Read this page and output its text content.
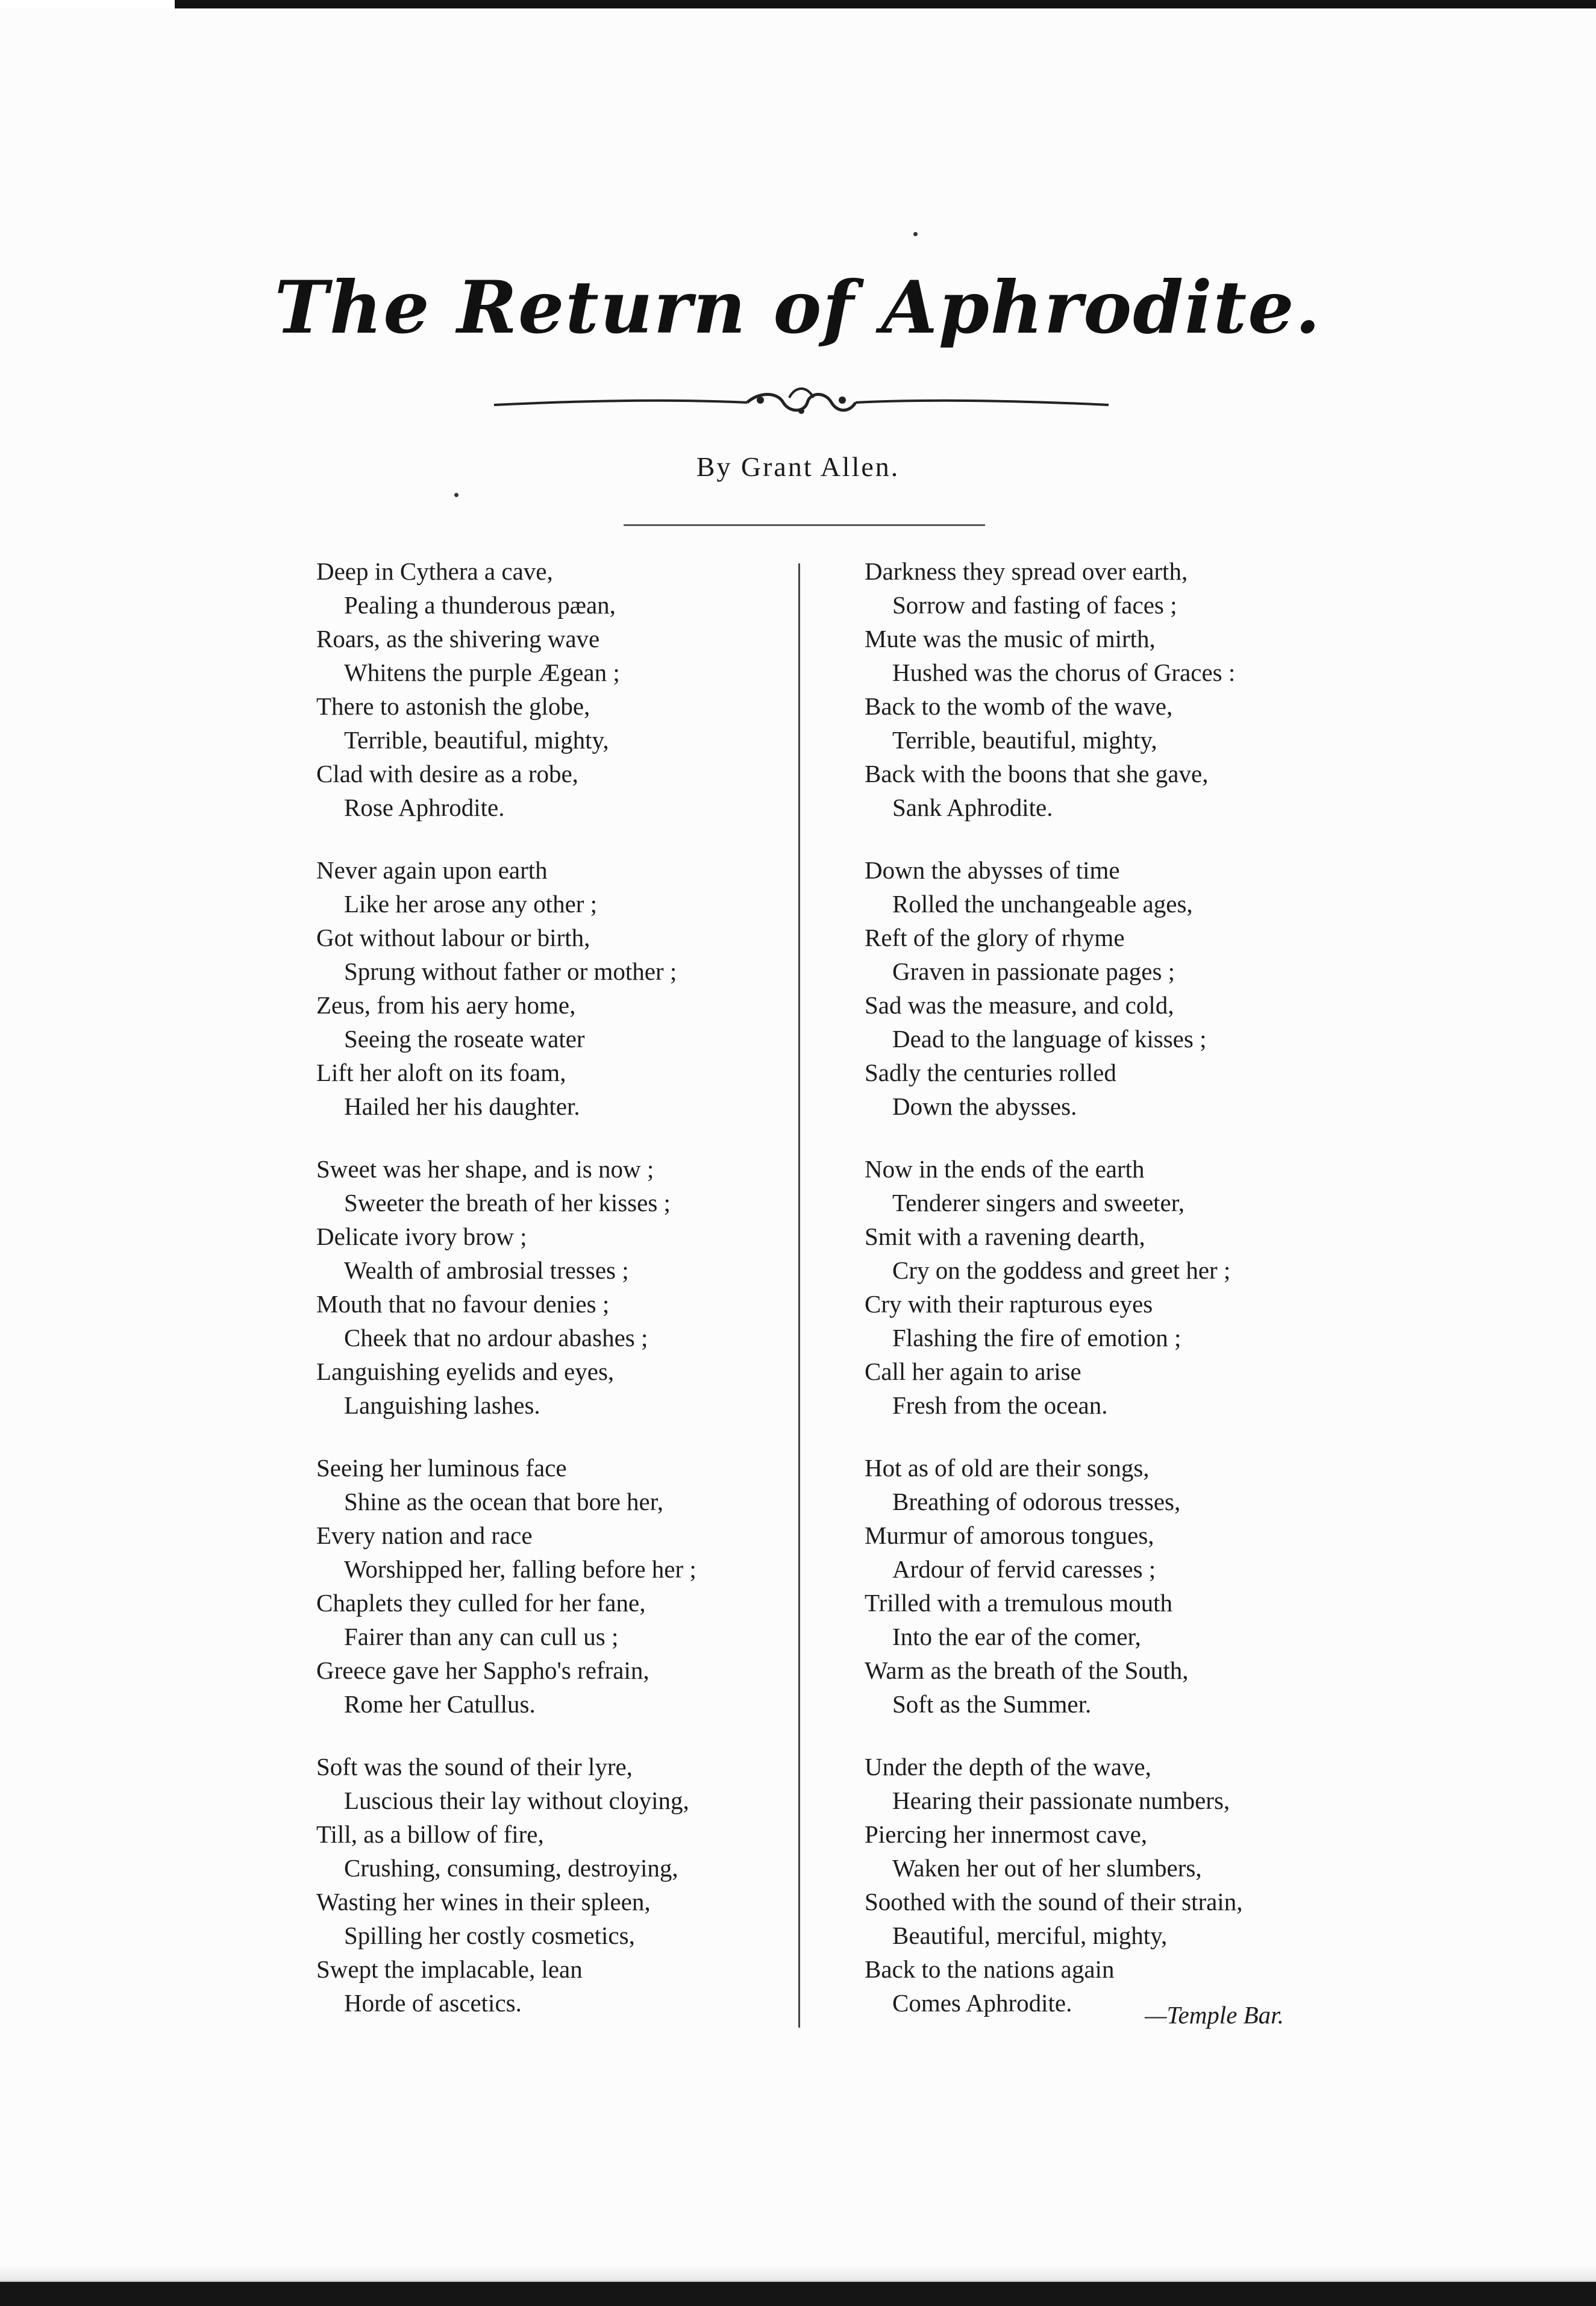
The Return of Aphrodite.
By Grant Allen.
Deep in Cythera a cave,
Pealing a thunderous pæan,
Roars, as the shivering wave
Whitens the purple Ægean ;
There to astonish the globe,
Terrible, beautiful, mighty,
Clad with desire as a robe,
Rose Aphrodite.
Never again upon earth
Like her arose any other ;
Got without labour or birth,
Sprung without father or mother ;
Zeus, from his aery home,
Seeing the roseate water
Lift her aloft on its foam,
Hailed her his daughter.
Sweet was her shape, and is now ;
Sweeter the breath of her kisses ;
Delicate ivory brow ;
Wealth of ambrosial tresses ;
Mouth that no favour denies ;
Cheek that no ardour abashes ;
Languishing eyelids and eyes,
Languishing lashes.
Seeing her luminous face
Shine as the ocean that bore her,
Every nation and race
Worshipped her, falling before her ;
Chaplets they culled for her fane,
Fairer than any can cull us ;
Greece gave her Sappho's refrain,
Rome her Catullus.
Soft was the sound of their lyre,
Luscious their lay without cloying,
Till, as a billow of fire,
Crushing, consuming, destroying,
Wasting her wines in their spleen,
Spilling her costly cosmetics,
Swept the implacable, lean
Horde of ascetics.
Darkness they spread over earth,
Sorrow and fasting of faces ;
Mute was the music of mirth,
Hushed was the chorus of Graces :
Back to the womb of the wave,
Terrible, beautiful, mighty,
Back with the boons that she gave,
Sank Aphrodite.
Down the abysses of time
Rolled the unchangeable ages,
Reft of the glory of rhyme
Graven in passionate pages ;
Sad was the measure, and cold,
Dead to the language of kisses ;
Sadly the centuries rolled
Down the abysses.
Now in the ends of the earth
Tenderer singers and sweeter,
Smit with a ravening dearth,
Cry on the goddess and greet her ;
Cry with their rapturous eyes
Flashing the fire of emotion ;
Call her again to arise
Fresh from the ocean.
Hot as of old are their songs,
Breathing of odorous tresses,
Murmur of amorous tongues,
Ardour of fervid caresses ;
Trilled with a tremulous mouth
Into the ear of the comer,
Warm as the breath of the South,
Soft as the Summer.
Under the depth of the wave,
Hearing their passionate numbers,
Piercing her innermost cave,
Waken her out of her slumbers,
Soothed with the sound of their strain,
Beautiful, merciful, mighty,
Back to the nations again
Comes Aphrodite.	—Temple Bar.
